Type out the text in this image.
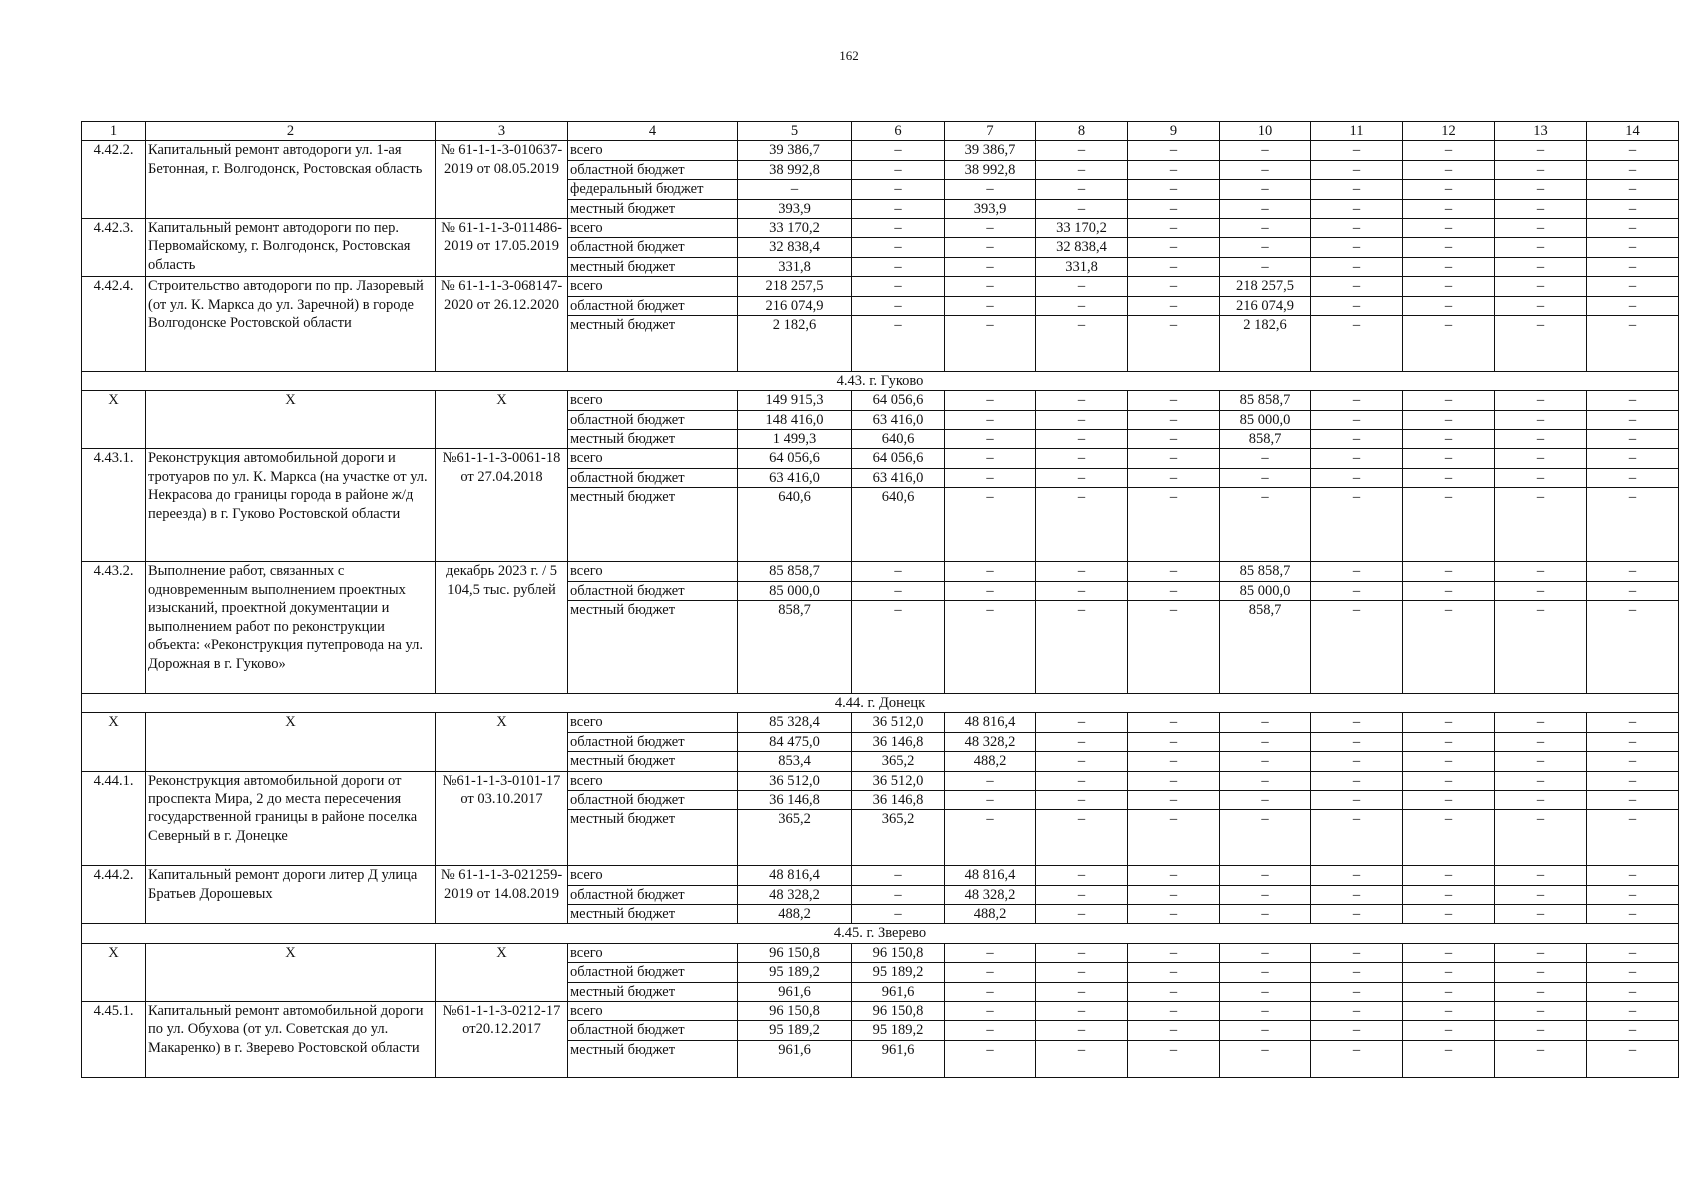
162
1	2	3	4	5	6	7	8	9	10	11	12	13	14
4.42.2.	Капитальный ремонт автодороги ул. 1-ая Бетонная, г. Волгодонск, Ростовская область	№ 61-1-1-3-010637-2019 от 08.05.2019	всего	39 386,7	–	39 386,7	–	–	–	–	–	–	–
			областной бюджет	38 992,8	–	38 992,8	–	–	–	–	–	–	–
			федеральный бюджет	–	–	–	–	–	–	–	–	–	–
			местный бюджет	393,9	–	393,9	–	–	–	–	–	–	–
4.42.3.	Капитальный ремонт автодороги по пер. Первомайскому, г. Волгодонск, Ростовская область	№ 61-1-1-3-011486-2019 от 17.05.2019	всего	33 170,2	–	–	33 170,2	–	–	–	–	–	–
			областной бюджет	32 838,4	–	–	32 838,4	–	–	–	–	–	–
			местный бюджет	331,8	–	–	331,8	–	–	–	–	–	–
4.42.4.	Строительство автодороги по пр. Лазоревый (от ул. К. Маркса до ул. Заречной) в городе Волгодонске Ростовской области	№ 61-1-1-3-068147-2020 от 26.12.2020	всего	218 257,5	–	–	–	–	218 257,5	–	–	–	–
			областной бюджет	216 074,9	–	–	–	–	216 074,9	–	–	–	–
			местный бюджет	2 182,6	–	–	–	–	2 182,6	–	–	–	–
4.43. г. Гуково													
Х	Х	Х	всего	149 915,3	64 056,6	–	–	–	85 858,7	–	–	–	–
			областной бюджет	148 416,0	63 416,0	–	–	–	85 000,0	–	–	–	–
			местный бюджет	1 499,3	640,6	–	–	–	858,7	–	–	–	–
4.43.1.	Реконструкция автомобильной дороги и тротуаров по ул. К. Маркса (на участке от ул. Некрасова до границы города в районе ж/д переезда) в г. Гуково Ростовской области	№61-1-1-3-0061-18 от 27.04.2018	всего	64 056,6	64 056,6	–	–	–	–	–	–	–	–
			областной бюджет	63 416,0	63 416,0	–	–	–	–	–	–	–	–
			местный бюджет	640,6	640,6	–	–	–	–	–	–	–	–
4.43.2.	Выполнение работ, связанных с одновременным выполнением проектных изысканий, проектной документации и выполнением работ по реконструкции объекта: «Реконструкция путепровода на ул. Дорожная в г. Гуково»	декабрь 2023 г. / 5 104,5 тыс. рублей	всего	85 858,7	–	–	–	–	85 858,7	–	–	–	–
			областной бюджет	85 000,0	–	–	–	–	85 000,0	–	–	–	–
			местный бюджет	858,7	–	–	–	–	858,7	–	–	–	–
4.44. г. Донецк													
Х	Х	Х	всего	85 328,4	36 512,0	48 816,4	–	–	–	–	–	–	–
			областной бюджет	84 475,0	36 146,8	48 328,2	–	–	–	–	–	–	–
			местный бюджет	853,4	365,2	488,2	–	–	–	–	–	–	–
4.44.1.	Реконструкция автомобильной дороги от проспекта Мира, 2 до места пересечения государственной границы в районе поселка Северный в г. Донецке	№61-1-1-3-0101-17 от 03.10.2017	всего	36 512,0	36 512,0	–	–	–	–	–	–	–	–
			областной бюджет	36 146,8	36 146,8	–	–	–	–	–	–	–	–
			местный бюджет	365,2	365,2	–	–	–	–	–	–	–	–
4.44.2.	Капитальный ремонт дороги литер Д улица Братьев Дорошевых	№ 61-1-1-3-021259-2019 от 14.08.2019	всего	48 816,4	–	48 816,4	–	–	–	–	–	–	–
			областной бюджет	48 328,2	–	48 328,2	–	–	–	–	–	–	–
			местный бюджет	488,2	–	488,2	–	–	–	–	–	–	–
4.45. г. Зверево													
Х	Х	Х	всего	96 150,8	96 150,8	–	–	–	–	–	–	–	–
			областной бюджет	95 189,2	95 189,2	–	–	–	–	–	–	–	–
			местный бюджет	961,6	961,6	–	–	–	–	–	–	–	–
4.45.1.	Капитальный ремонт автомобильной дороги по ул. Обухова (от ул. Советская до ул. Макаренко) в г. Зверево Ростовской области	№61-1-1-3-0212-17 от20.12.2017	всего	96 150,8	96 150,8	–	–	–	–	–	–	–	–
			областной бюджет	95 189,2	95 189,2	–	–	–	–	–	–	–	–
			местный бюджет	961,6	961,6	–	–	–	–	–	–	–	–
